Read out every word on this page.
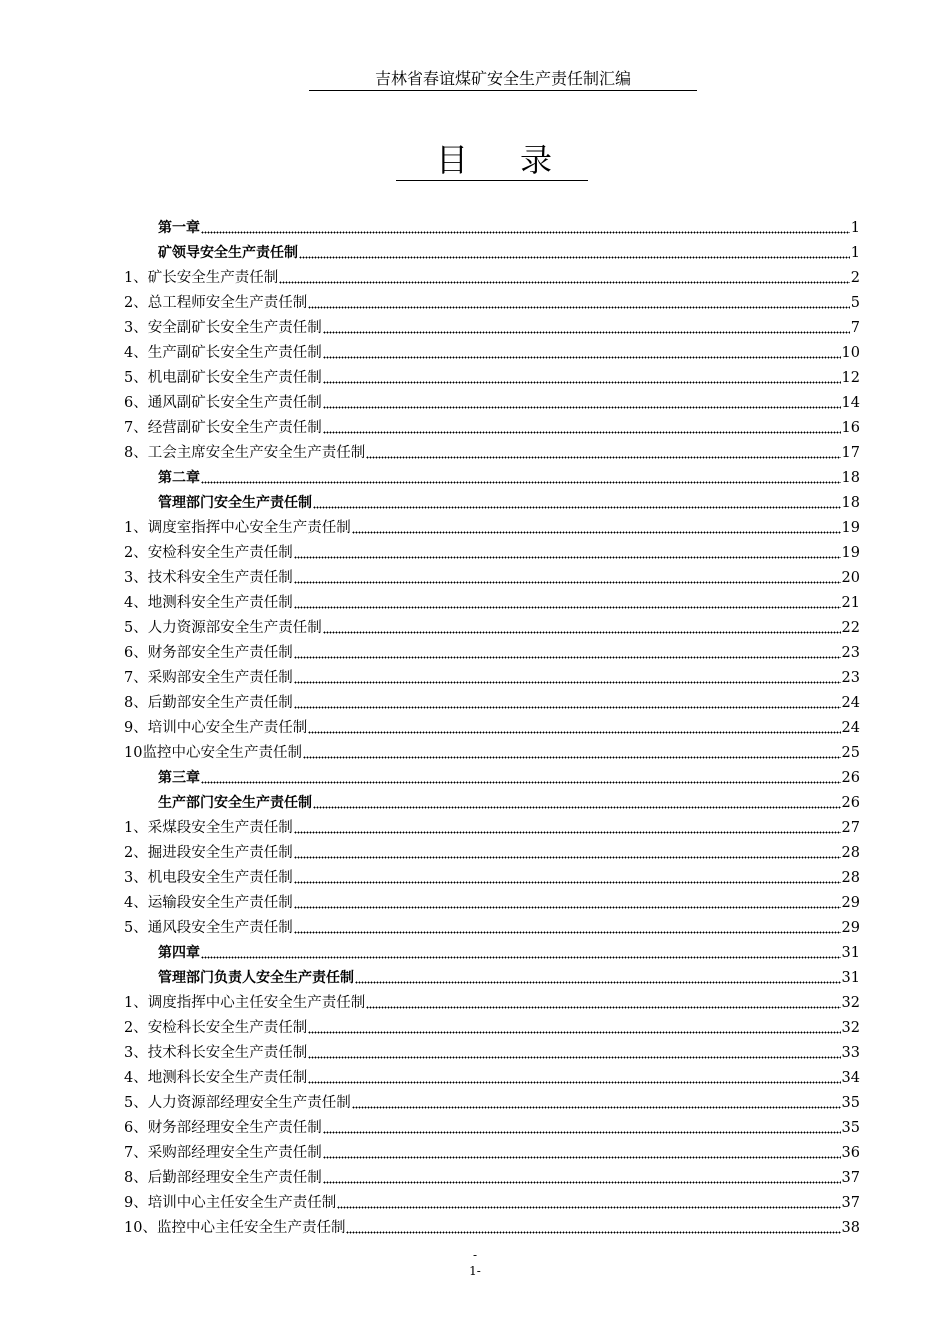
吉林省春谊煤矿安全生产责任制汇编
目 录
第一章	1
矿领导安全生产责任制	1
1、矿长安全生产责任制	2
2、总工程师安全生产责任制	5
3、安全副矿长安全生产责任制	7
4、生产副矿长安全生产责任制	10
5、机电副矿长安全生产责任制	12
6、通风副矿长安全生产责任制	14
7、经营副矿长安全生产责任制	16
8、工会主席安全生产安全生产责任制	17
第二章	18
管理部门安全生产责任制	18
1、调度室指挥中心安全生产责任制	19
2、安检科安全生产责任制	19
3、技术科安全生产责任制	20
4、地测科安全生产责任制	21
5、人力资源部安全生产责任制	22
6、财务部安全生产责任制	23
7、采购部安全生产责任制	23
8、后勤部安全生产责任制	24
9、培训中心安全生产责任制	24
10监控中心安全生产责任制	25
第三章	26
生产部门安全生产责任制	26
1、采煤段安全生产责任制	27
2、掘进段安全生产责任制	28
3、机电段安全生产责任制	28
4、运输段安全生产责任制	29
5、通风段安全生产责任制	29
第四章	31
管理部门负责人安全生产责任制	31
1、调度指挥中心主任安全生产责任制	32
2、安检科长安全生产责任制	32
3、技术科长安全生产责任制	33
4、地测科长安全生产责任制	34
5、人力资源部经理安全生产责任制	35
6、财务部经理安全生产责任制	35
7、采购部经理安全生产责任制	36
8、后勤部经理安全生产责任制	37
9、培训中心主任安全生产责任制	37
10、监控中心主任安全生产责任制	38
-
1-
